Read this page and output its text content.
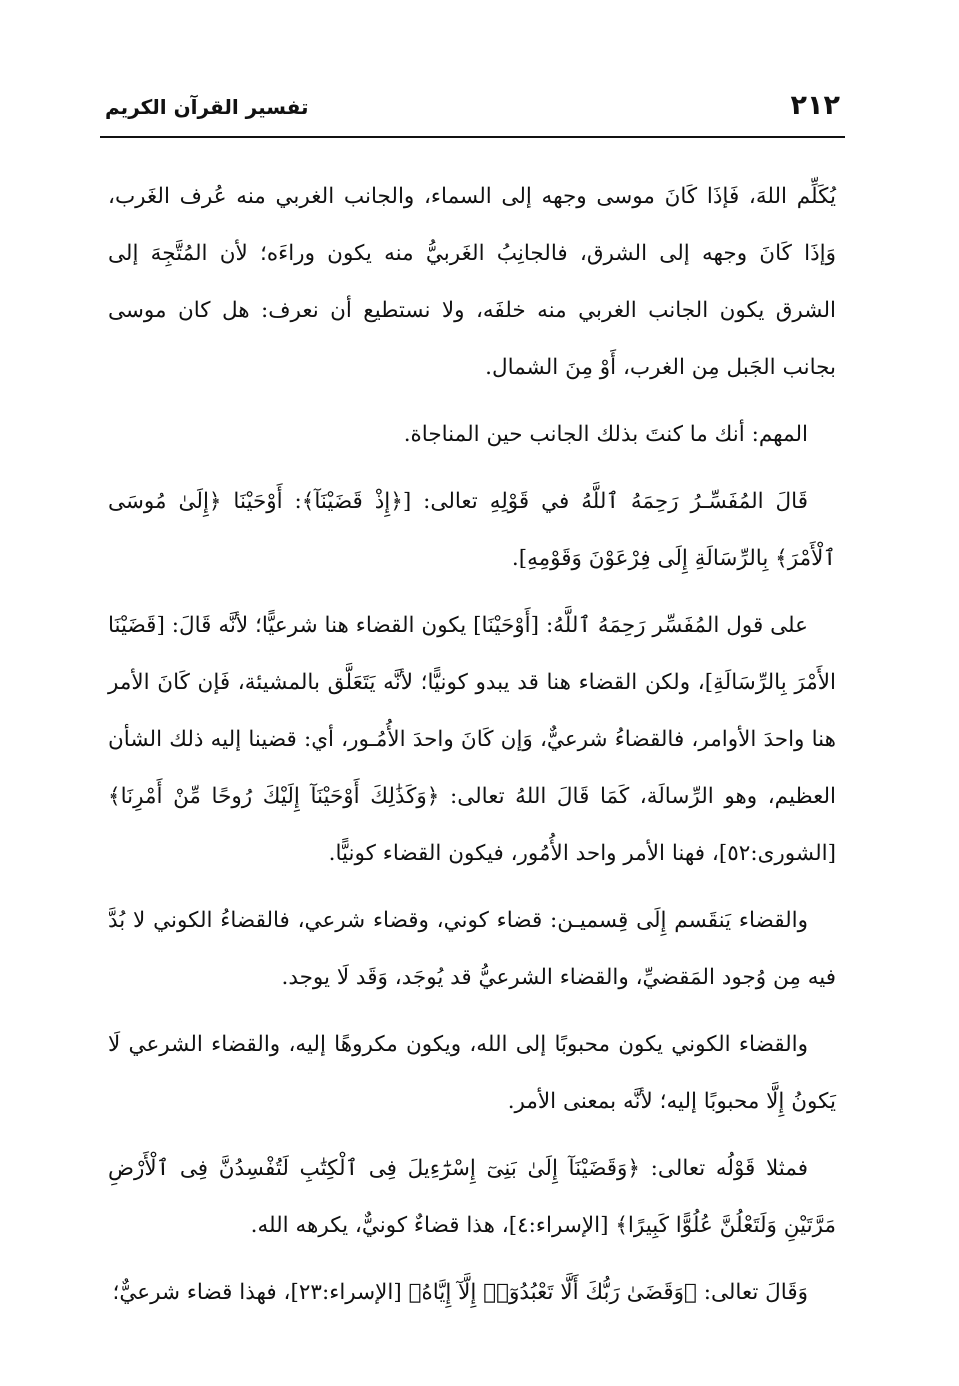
٢١٢
تفسير القرآن الكريم

يُكَلِّم اللهَ، فَإذَا كَانَ موسى وجهه إلى السماء، والجانب الغربي منه عُرف الغَرب، وَإذَا كَانَ وجهه إلى الشرق، فالجانِبُ الغَربيُّ منه يكون وراءَه؛ لأن المُتَّجِهَ إلى الشرق يكون الجانب الغربي منه خلفَه، ولا نستطيع أن نعرف: هل كان موسى بجانب الجَبل مِن الغرب، أَوْ مِنَ الشمال.

المهم: أنك ما كنتَ بذلك الجانب حين المناجاة.

قَالَ المُفَسِّـرُ رَحِمَهُ ٱللَّهُ في قَوْلِهِ تعالى: [﴿إِذْ قَضَيْنَآ﴾: أَوْحَيْنَا ﴿إِلَىٰ مُوسَى ٱلْأَمْرَ﴾ بِالرِّسَالَةِ إِلَى فِرْعَوْنَ وَقَوْمِهِ].

على قول المُفَسِّر رَحِمَهُ ٱللَّهُ: [أَوْحَيْنَا] يكون القضاء هنا شرعيًّا؛ لأنَّه قَالَ: [قَضَيْنَا الأَمْرَ بِالرِّسَالَةِ]، ولكن القضاء هنا قد يبدو كونيًّا؛ لأنَّه يَتَعَلَّق بالمشيئة، فَإن كَانَ الأمر هنا واحدَ الأوامر، فالقضاءُ شرعيٌّ، وَإن كَانَ واحدَ الأُمُـور، أي: قضينا إليه ذلك الشأن العظيم، وهو الرِّسالَة، كَمَا قَالَ اللهُ تعالى: ﴿وَكَذَٰلِكَ أَوْحَيْنَآ إِلَيْكَ رُوحًا مِّنْ أَمْرِنَا﴾ [الشورى:٥٢]، فهنا الأمر واحد الأُمُور، فيكون القضاء كونيًّا.

والقضاء يَنقَسم إِلَى قِسميـن: قضاء كوني، وقضاء شرعي، فالقضاءُ الكوني لا بُدَّ فيه مِن وُجود المَقضيِّ، والقضاء الشرعيُّ قد يُوجَد، وَقَد لَا يوجد.

والقضاء الكوني يكون محبوبًا إلى الله، ويكون مكروهًا إليه، والقضاء الشرعي لَا يَكونُ إِلَّا محبوبًا إليه؛ لأنَّه بمعنى الأمر.

فمثلا قَوْلُه تعالى: ﴿وَقَضَيْنَآ إِلَىٰ بَنِىٓ إِسْرَٰٓءِيلَ فِى ٱلْكِتَٰبِ لَتُفْسِدُنَّ فِى ٱلْأَرْضِ مَرَّتَيْنِ وَلَتَعْلُنَّ عُلُوًّا كَبِيرًا﴾ [الإسراء:٤]، هذا قضاءٌ كونيٌّ، يكرهه الله.

وَقَالَ تعالى: ﴿وَقَضَىٰ رَبُّكَ أَلَّا تَعْبُدُوٓا۟ إِلَّآ إِيَّاهُ﴾ [الإسراء:٢٣]، فهذا قضاء شرعيٌّ؛
